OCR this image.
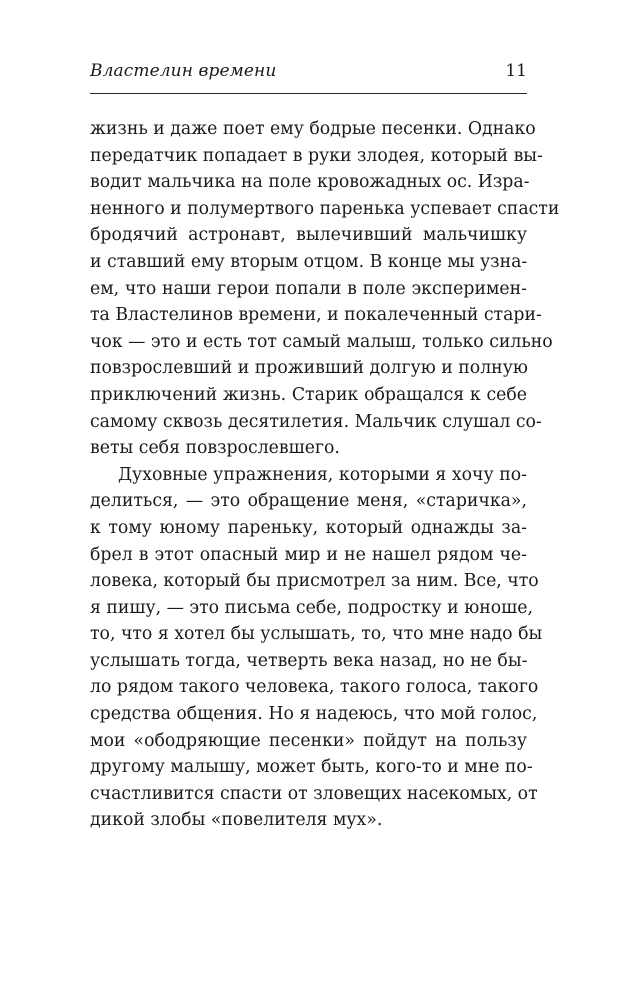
Властелин времени	11
жизнь и даже поет ему бодрые песенки. Однако
передатчик попадает в руки злодея, который вы-
водит мальчика на поле кровожадных ос. Изра-
ненного и полумертвого паренька успевает спасти
бродячий астронавт, вылечивший мальчишку
и ставший ему вторым отцом. В конце мы узна-
ем, что наши герои попали в поле эксперимен-
та Властелинов времени, и покалеченный стари-
чок — это и есть тот самый малыш, только сильно
повзрослевший и проживший долгую и полную
приключений жизнь. Старик обращался к себе
самому сквозь десятилетия. Мальчик слушал со-
веты себя повзрослевшего.
Духовные упражнения, которыми я хочу по-
делиться, — это обращение меня, «старичка»,
к тому юному пареньку, который однажды за-
брел в этот опасный мир и не нашел рядом че-
ловека, который бы присмотрел за ним. Все, что
я пишу, — это письма себе, подростку и юноше,
то, что я хотел бы услышать, то, что мне надо бы
услышать тогда, четверть века назад, но не бы-
ло рядом такого человека, такого голоса, такого
средства общения. Но я надеюсь, что мой голос,
мои «ободряющие песенки» пойдут на пользу
другому малышу, может быть, кого-то и мне по-
счастливится спасти от зловещих насекомых, от
дикой злобы «повелителя мух».
